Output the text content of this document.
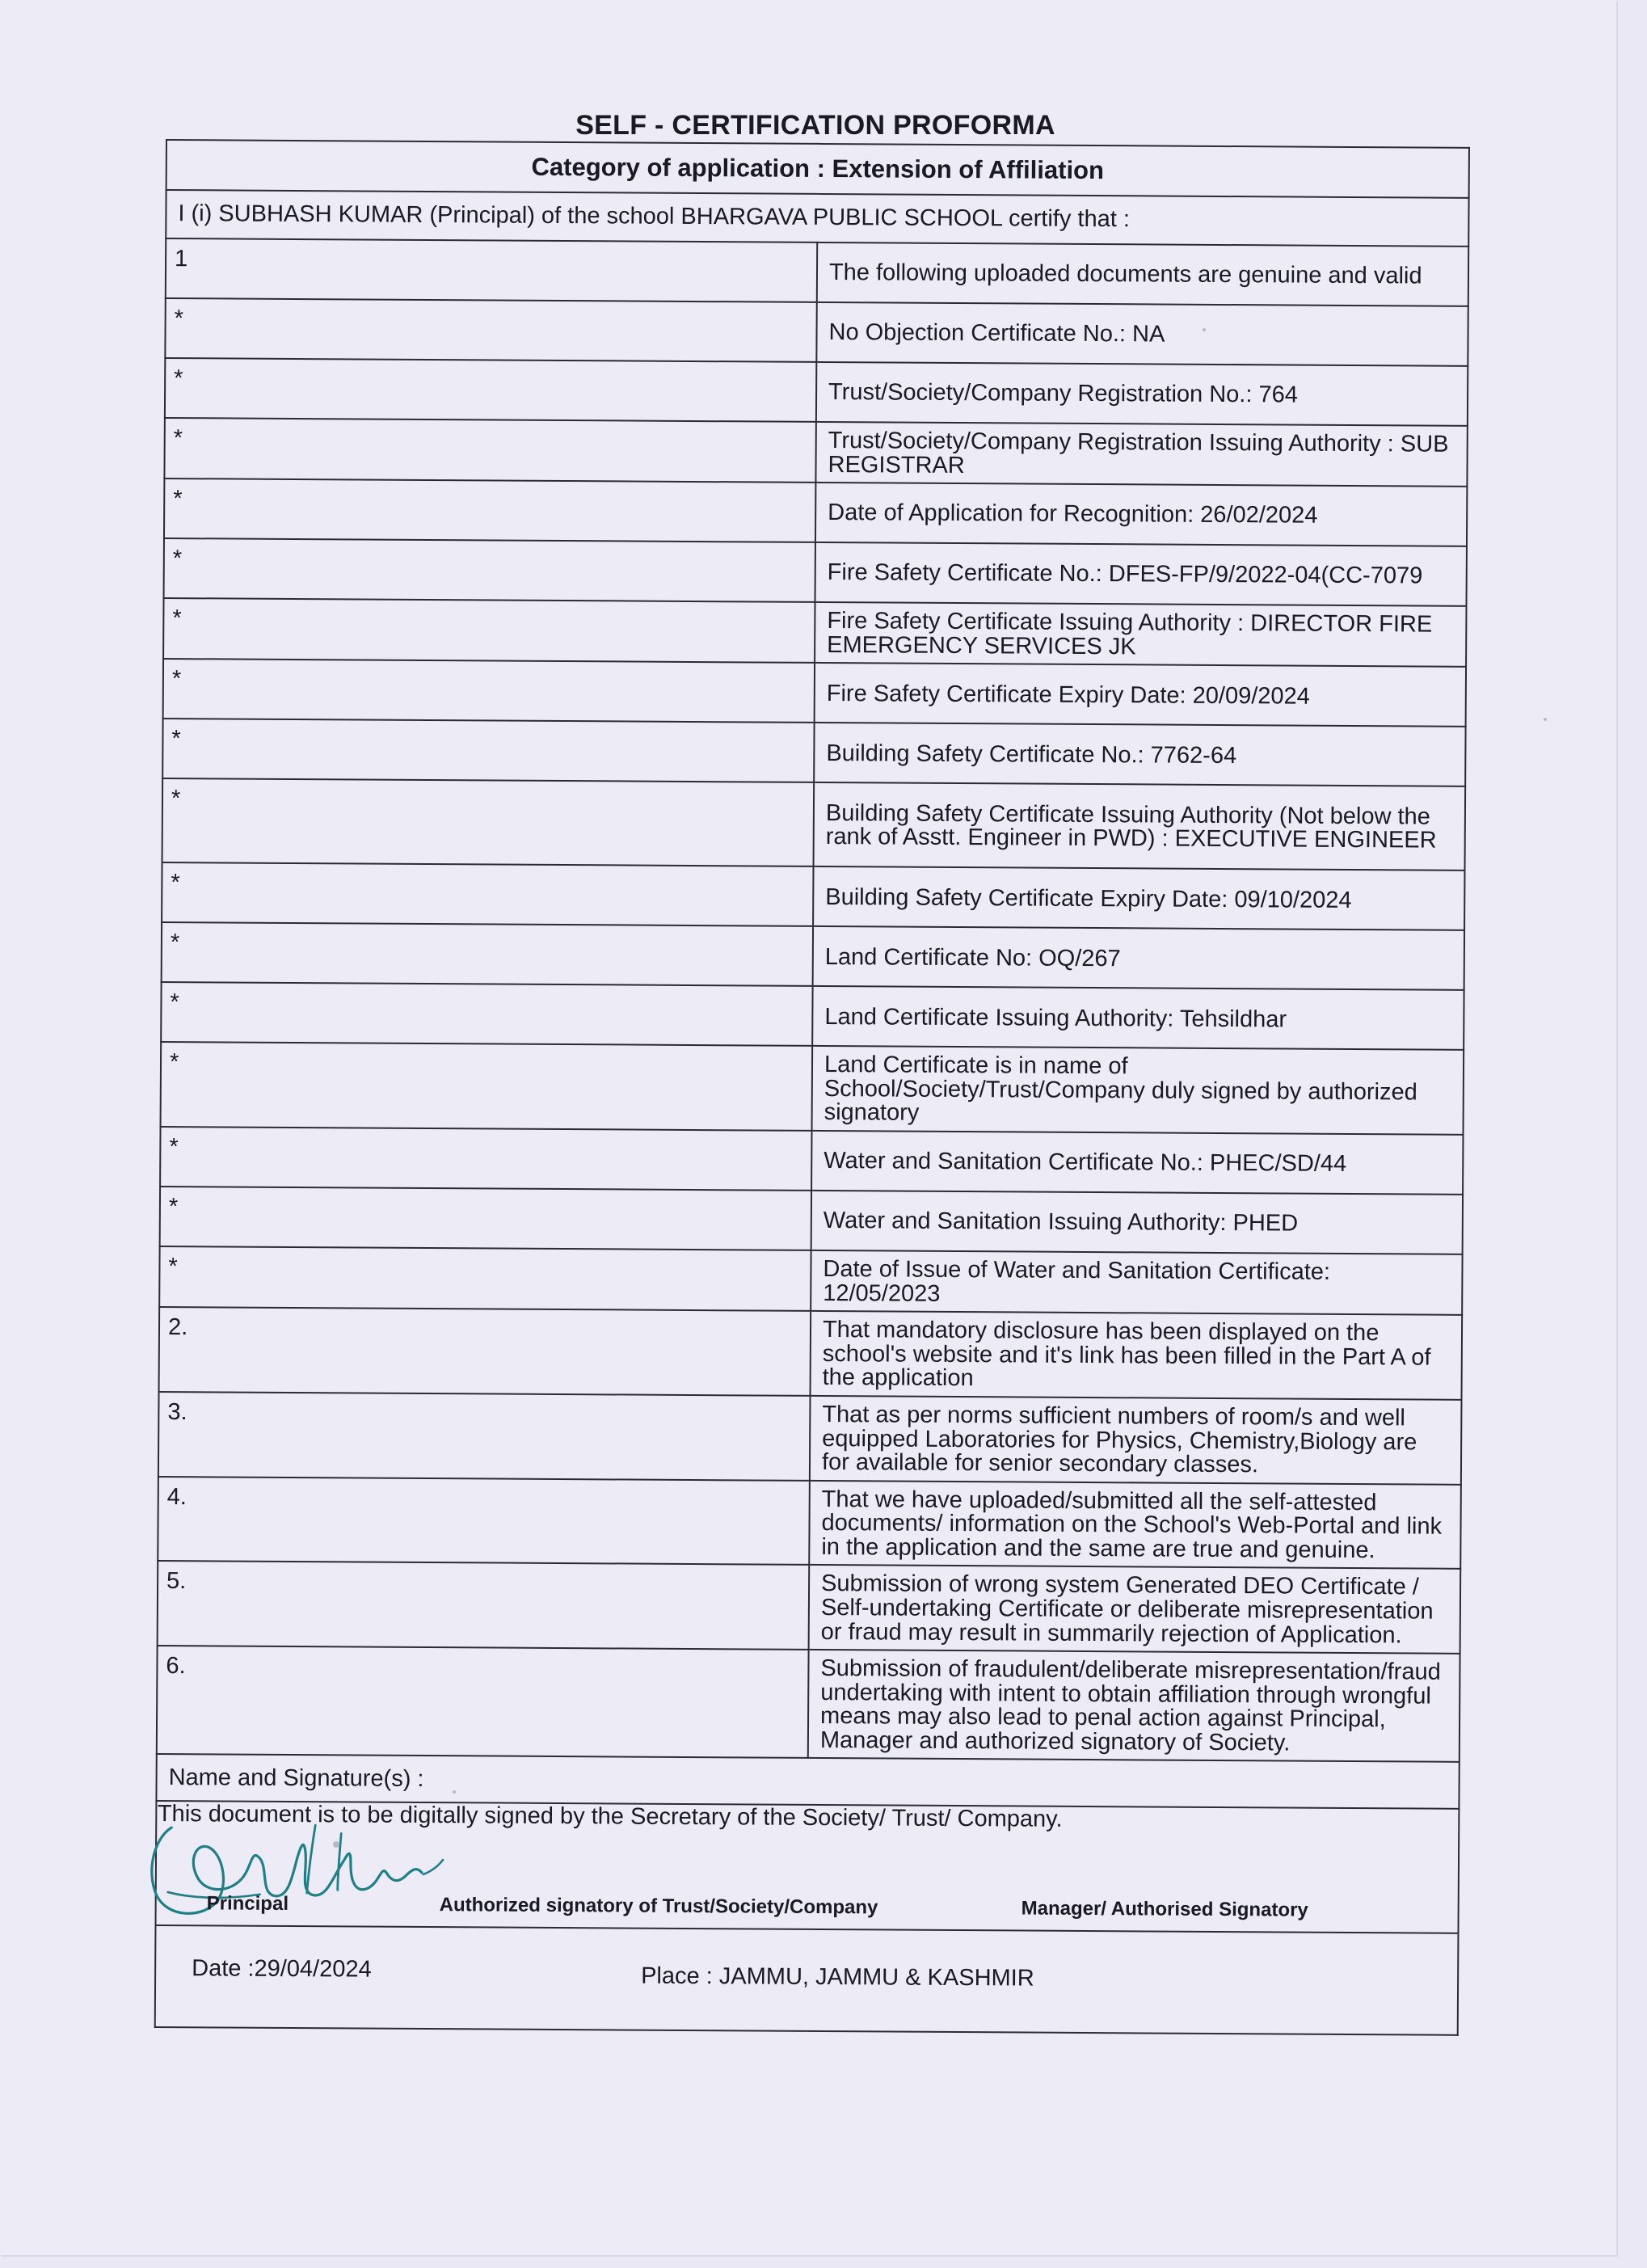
SELF - CERTIFICATION PROFORMA
Category of application : Extension of Affiliation	
I (i) SUBHASH KUMAR (Principal) of the school BHARGAVA PUBLIC SCHOOL certify that :	
1	The following uploaded documents are genuine and valid
*	No Objection Certificate No.: NA
*	Trust/Society/Company Registration No.: 764
*	Trust/Society/Company Registration Issuing Authority : SUB REGISTRAR
*	Date of Application for Recognition: 26/02/2024
*	Fire Safety Certificate No.: DFES-FP/9/2022-04(CC-7079
*	Fire Safety Certificate Issuing Authority : DIRECTOR FIRE EMERGENCY SERVICES JK
*	Fire Safety Certificate Expiry Date: 20/09/2024
*	Building Safety Certificate No.: 7762-64
*	Building Safety Certificate Issuing Authority (Not below the rank of Asstt. Engineer in PWD) : EXECUTIVE ENGINEER
*	Building Safety Certificate Expiry Date: 09/10/2024
*	Land Certificate No: OQ/267
*	Land Certificate Issuing Authority: Tehsildhar
*	Land Certificate is in name of School/Society/Trust/Company duly signed by authorized signatory
*	Water and Sanitation Certificate No.: PHEC/SD/44
*	Water and Sanitation Issuing Authority: PHED
*	Date of Issue of Water and Sanitation Certificate: 12/05/2023
2.	That mandatory disclosure has been displayed on the school's website and it's link has been filled in the Part A of the application
3.	That as per norms sufficient numbers of room/s and well equipped Laboratories for Physics, Chemistry,Biology are for available for senior secondary classes.
4.	That we have uploaded/submitted all the self-attested documents/ information on the School's Web-Portal and link in the application and the same are true and genuine.
5.	Submission of wrong system Generated DEO Certificate / Self-undertaking Certificate or deliberate misrepresentation or fraud may result in summarily rejection of Application.
6.	Submission of fraudulent/deliberate misrepresentation/fraud undertaking with intent to obtain affiliation through wrongful means may also lead to penal action against Principal, Manager and authorized signatory of Society.
Name and Signature(s) :	

Principal Authorized signatory of Trust/Society/Company Manager/ Authorised Signatory	

Date :29/04/2024 Place : JAMMU, JAMMU & KASHMIR	

This document is to be digitally signed by the Secretary of the Society/ Trust/ Company.
